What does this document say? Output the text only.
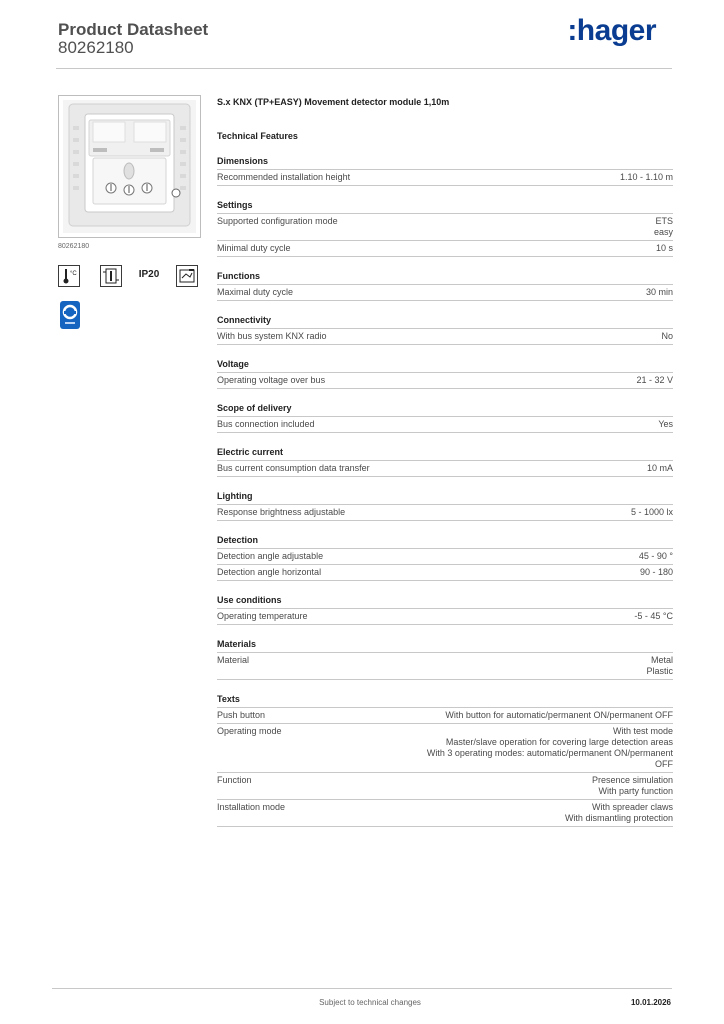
Product Datasheet
80262180
:hager
80262180
°C	IP20
S.x KNX (TP+EASY) Movement detector module 1,10m
Technical Features
Dimensions
Recommended installation height	1.10 - 1.10 m
Settings
Supported configuration mode	ETS
easy
Minimal duty cycle	10 s
Functions
Maximal duty cycle	30 min
Connectivity
With bus system KNX radio	No
Voltage
Operating voltage over bus	21 - 32 V
Scope of delivery
Bus connection included	Yes
Electric current
Bus current consumption data transfer	10 mA
Lighting
Response brightness adjustable	5 - 1000 lx
Detection
Detection angle adjustable	45 - 90 °
Detection angle horizontal	90 - 180
Use conditions
Operating temperature	-5 - 45 °C
Materials
Material	Metal
Plastic
Texts
Push button	With button for automatic/permanent ON/permanent OFF
Operating mode	With test mode
Master/slave operation for covering large detection areas
With 3 operating modes: automatic/permanent ON/permanent
OFF
Function	Presence simulation
With party function
Installation mode	With spreader claws
With dismantling protection
Subject to technical changes	10.01.2026
